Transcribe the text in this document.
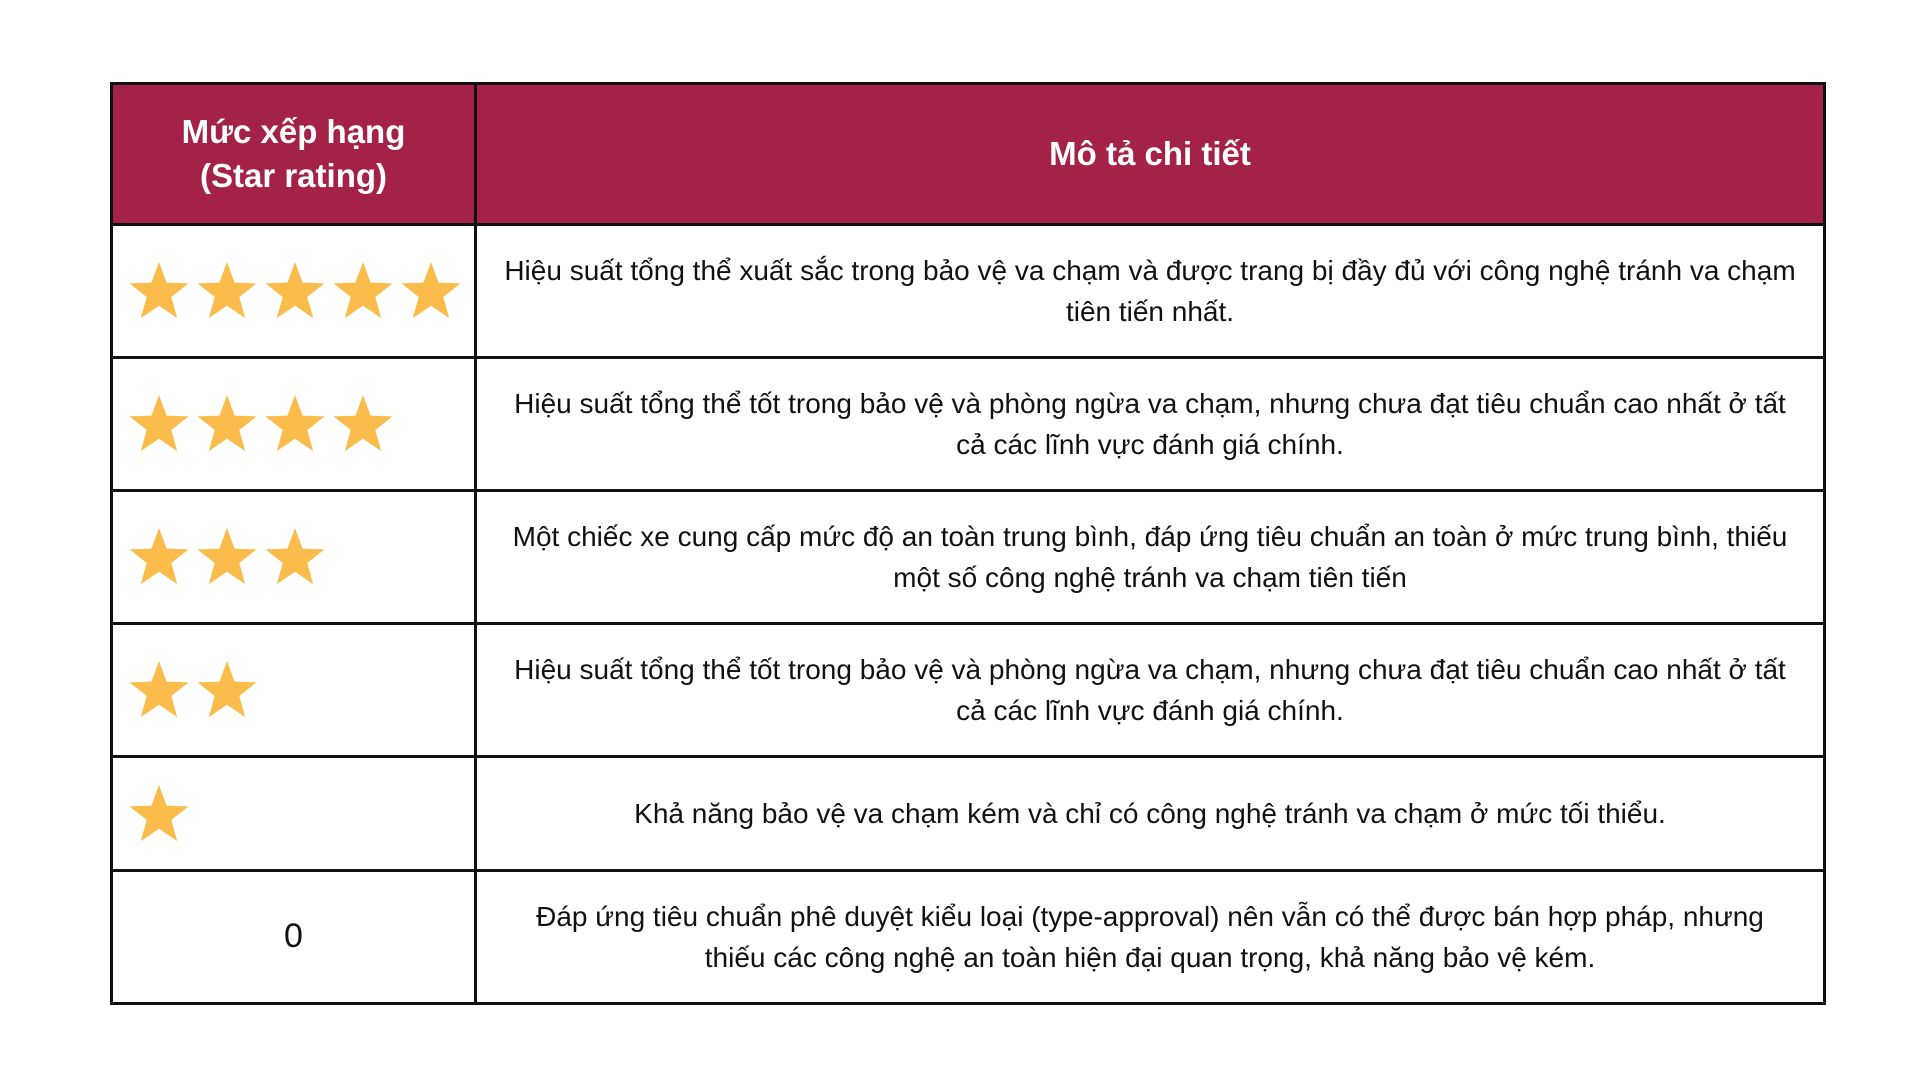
Mức xếp hạng
(Star rating)	Mô tả chi tiết

	Hiệu suất tổng thể xuất sắc trong bảo vệ va chạm và được trang bị đầy đủ với công nghệ tránh va chạm tiên tiến nhất.

	Hiệu suất tổng thể tốt trong bảo vệ và phòng ngừa va chạm, nhưng chưa đạt tiêu chuẩn cao nhất ở tất cả các lĩnh vực đánh giá chính.

	Một chiếc xe cung cấp mức độ an toàn trung bình, đáp ứng tiêu chuẩn an toàn ở mức trung bình, thiếu một số công nghệ tránh va chạm tiên tiến

	Hiệu suất tổng thể tốt trong bảo vệ và phòng ngừa va chạm, nhưng chưa đạt tiêu chuẩn cao nhất ở tất cả các lĩnh vực đánh giá chính.

	Khả năng bảo vệ va chạm kém và chỉ có công nghệ tránh va chạm ở mức tối thiểu.
0	Đáp ứng tiêu chuẩn phê duyệt kiểu loại (type-approval) nên vẫn có thể được bán hợp pháp, nhưng thiếu các công nghệ an toàn hiện đại quan trọng, khả năng bảo vệ kém.
